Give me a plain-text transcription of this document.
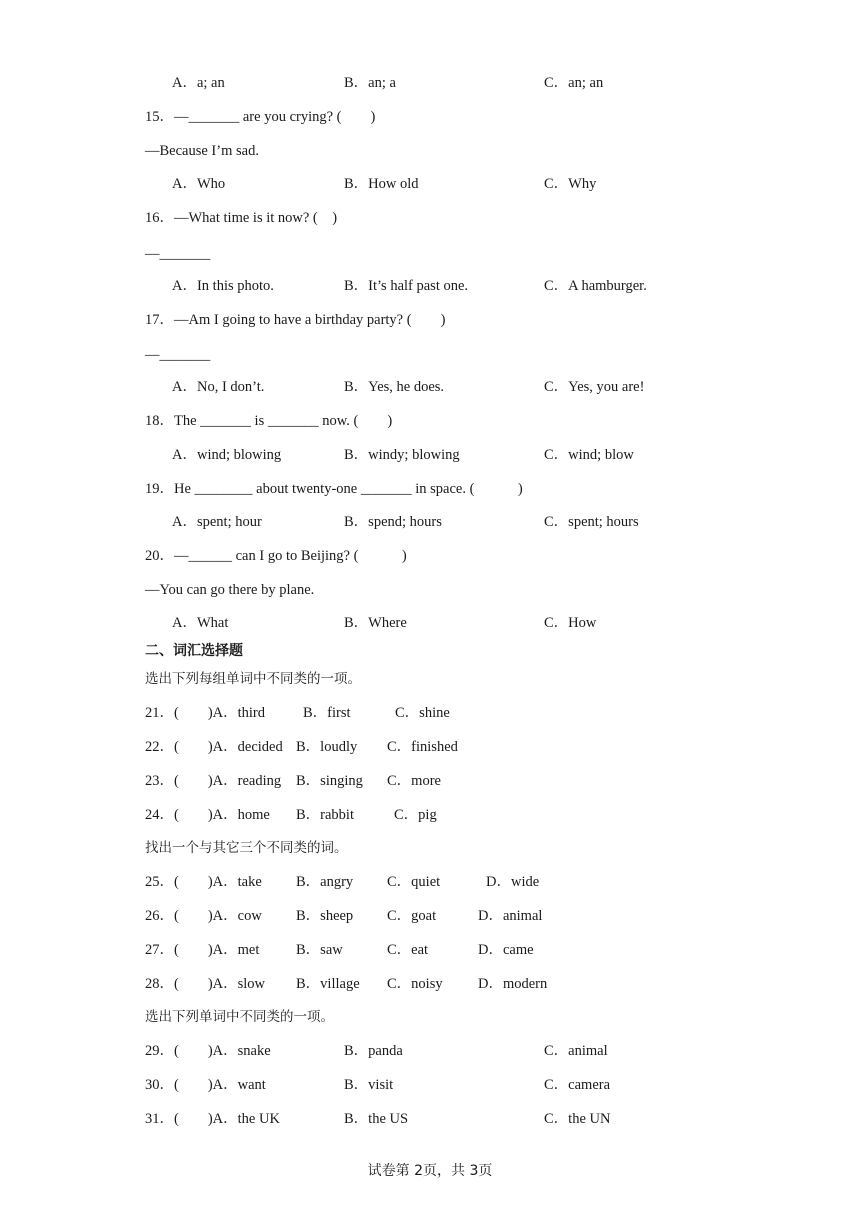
A．a; an	B．an; a	C．an; an
15．—_______ are you crying? (　　)
—Because I’m sad.
A．Who	B．How old	C．Why
16．—What time is it now? (　)
—_______
A．In this photo.	B．It’s half past one.	C．A hamburger.
17．—Am I going to have a birthday party? (　　)
—_______
A．No, I don’t.	B．Yes, he does.	C．Yes, you are!
18．The _______ is _______ now. (　　)
A．wind; blowing	B．windy; blowing	C．wind; blow
19．He ________ about twenty-one _______ in space. (　　　)
A．spent; hour	B．spend; hours	C．spent; hours
20．—______ can I go to Beijing? (　　　)
—You can go there by plane.
A．What	B．Where	C．How
二、词汇选择题
选出下列每组单词中不同类的一项。
21．(　　)A．third	B．first	C．shine
22．(　　)A．decided B．loudly C．finished
23．(　　)A．reading B．singing C．more
24．(　　)A．home B．rabbit	C．pig
找出一个与其它三个不同类的词。
25．(　　)A．take B．angry C．quiet	D．wide
26．(　　)A．cow B．sheep C．goat	D．animal
27．(　　)A．met	B．saw	C．eat	D．came
28．(　　)A．slow B．village C．noisy D．modern
选出下列单词中不同类的一项。
29．(　　)A．snake	B．panda	C．animal
30．(　　)A．want	B．visit	C．camera
31．(　　)A．the UK	B．the US	C．the UN
试卷第 2页，共 3页
